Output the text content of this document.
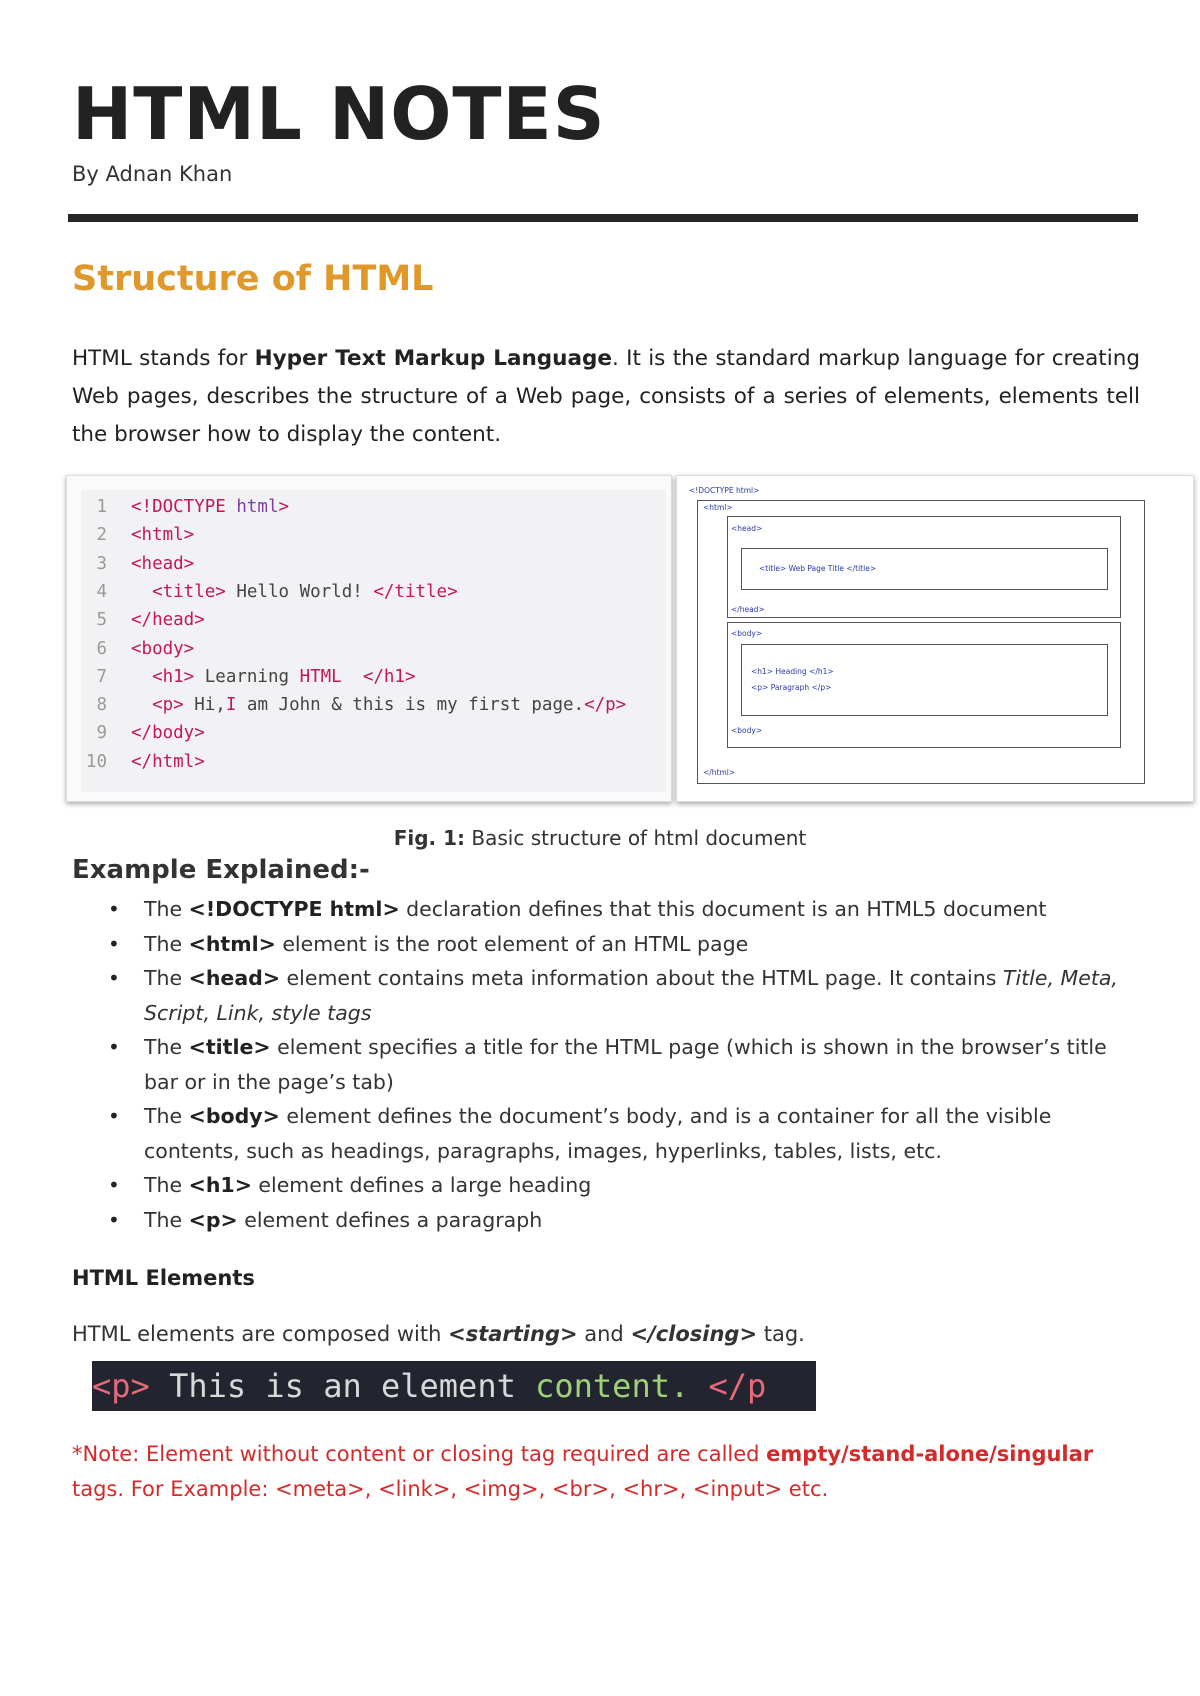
HTML NOTES
By Adnan Khan
Structure of HTML

HTML stands for Hyper Text Markup Language. It is the standard markup language for creating Web pages, describes the structure of a Web page, consists of a series of elements, elements tell the browser how to display the content.

1 <!DOCTYPE html>
2 <html>
3 <head>
4  <title> Hello World! </title>
5 </head>
6 <body>
7  <h1> Learning HTML </h1>
8  <p> Hi,I am John & this is my first page.</p>
9 </body>
10 </html>
<!DOCTYPE html>
<html>
<head>
<title> Web Page Title </title>
</head>
<body>
<h1> Heading </h1>
<p> Paragraph </p>
<body>
</html>
Fig. 1: Basic structure of html document
Example Explained:-
• The <!DOCTYPE html> declaration defines that this document is an HTML5 document
• The <html> element is the root element of an HTML page
• The <head> element contains meta information about the HTML page. It contains Title, Meta, Script, Link, style tags
• The <title> element specifies a title for the HTML page (which is shown in the browser’s title bar or in the page’s tab)
• The <body> element defines the document’s body, and is a container for all the visible contents, such as headings, paragraphs, images, hyperlinks, tables, lists, etc.
• The <h1> element defines a large heading
• The <p> element defines a paragraph
HTML Elements

HTML elements are composed with <starting> and </closing> tag.

<p> This is an element content. </p

*Note: Element without content or closing tag required are called empty/stand-alone/singular tags. For Example: <meta>, <link>, <img>, <br>, <hr>, <input> etc.
